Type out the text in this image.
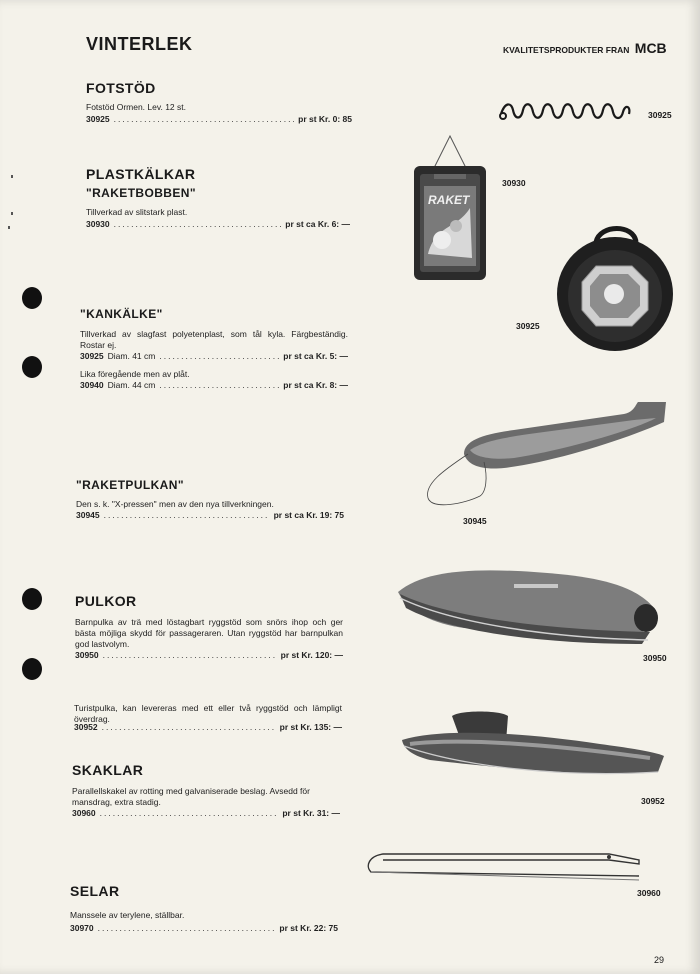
VINTERLEK	KVALITETSPRODUKTER FRAN MCB
FOTSTÖD
Fotstöd Ormen. Lev. 12 st.
30925 .....	pr st Kr. 0: 85
PLASTKÄLKAR
"RAKETBOBBEN"
Tillverkad av slitstark plast.
30930 .....	pr st ca Kr. 6: —
"KANKÄLKE"
Tillverkad av slagfast polyetenplast, som tål kyla. Färgbeständig. Rostar ej.
30925 Diam. 41 cm .....	pr st ca Kr. 5: —
Lika föregående men av plåt.
30940 Diam. 44 cm .....	pr st ca Kr. 8: —
"RAKETPULKAN"
Den s. k. "X-pressen" men av den nya tillverkningen.
30945 .....	pr st ca Kr. 19: 75
PULKOR
Barnpulka av trä med löstagbart ryggstöd som snörs ihop och ger bästa möjliga skydd för passageraren. Utan ryggstöd har barnpulkan god lastvolym.
30950 .....	pr st Kr. 120: —
Turistpulka, kan levereras med ett eller två ryggstöd och lämpligt överdrag.
30952 .....	pr st Kr. 135: —
SKAKLAR
Parallellskakel av rotting med galvaniserade beslag. Avsedd för mansdrag, extra stadig.
30960 .....	pr st Kr. 31: —
SELAR
Manssele av terylene, ställbar.
30970 .....	pr st Kr. 22: 75
30925
RAKET
30930
30925
30945
30950
30952
30960
29
